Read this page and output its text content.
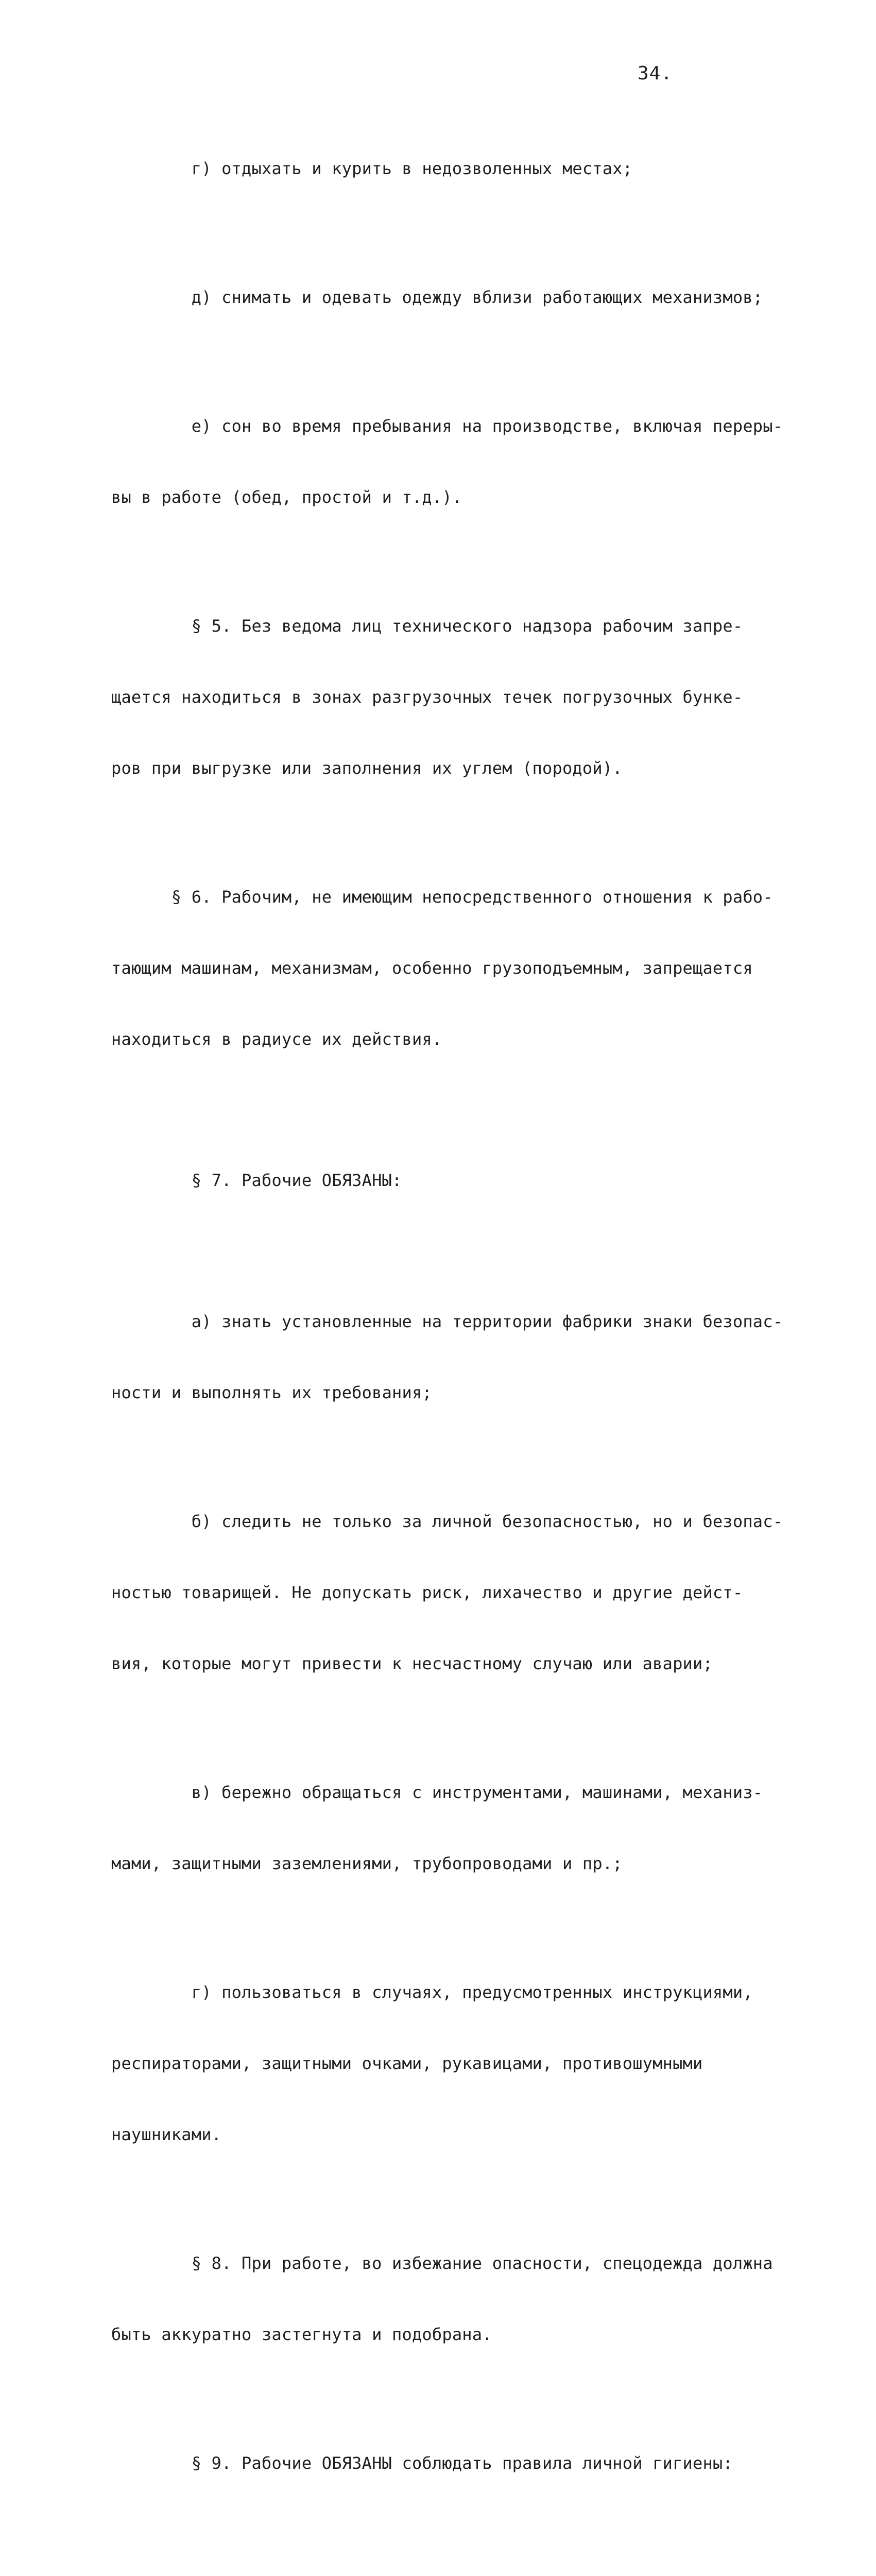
34.

г) отдыхать и курить в недозволенных местах;

д) снимать и одевать одежду вблизи работающих механизмов;

е) сон во время пребывания на производстве, включая переры-

вы в работе (обед, простой и т.д.).

§ 5. Без ведома лиц технического надзора рабочим запре-

щается находиться в зонах разгрузочных течек погрузочных бунке-

ров при выгрузке или заполнения их углем (породой).

§ 6. Рабочим, не имеющим непосредственного отношения к рабо-

тающим машинам, механизмам, особенно грузоподъемным, запрещается

находиться в радиусе их действия.

§ 7. Рабочие ОБЯЗАНЫ:

а) знать установленные на территории фабрики знаки безопас-

ности и выполнять их требования;

б) следить не только за личной безопасностью, но и безопас-

ностью товарищей. Не допускать риск, лихачество и другие дейст-

вия, которые могут привести к несчастному случаю или аварии;

в) бережно обращаться с инструментами, машинами, механиз-

мами, защитными заземлениями, трубопроводами и пр.;

г) пользоваться в случаях, предусмотренных инструкциями,

респираторами, защитными очками, рукавицами, противошумными

наушниками.

§ 8. При работе, во избежание опасности, спецодежда должна

быть аккуратно застегнута и подобрана.

§ 9. Рабочие ОБЯЗАНЫ соблюдать правила личной гигиены:
